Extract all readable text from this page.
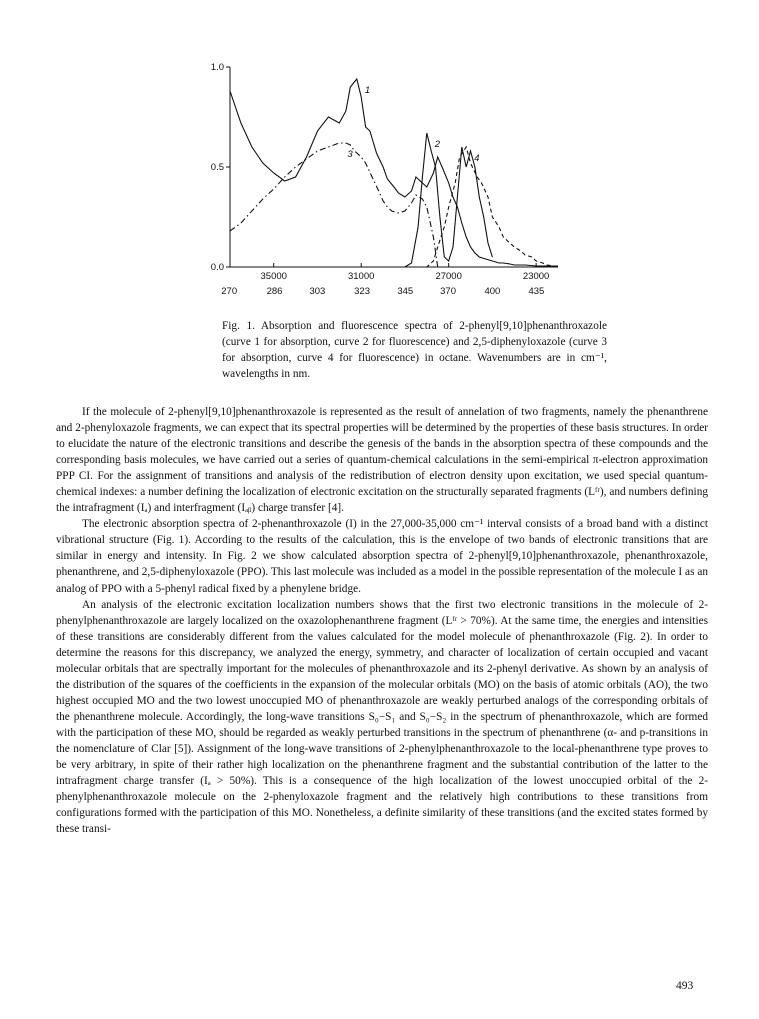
1.0
0.5
0.0
35000	31000	27000	23000
270	286	303	323	345	370	400	435
1
2
3	4

Fig. 1. Absorption and fluorescence spectra of 2-phenyl[9,10]phenanthroxazole (curve 1 for absorption, curve 2 for fluorescence) and 2,5-diphenyloxazole (curve 3 for absorption, curve 4 for fluorescence) in octane. Wavenumbers are in cm⁻¹, wavelengths in nm.

If the molecule of 2-phenyl[9,10]phenanthroxazole is represented as the result of annelation of two fragments, namely the phenanthrene and 2-phenyloxazole fragments, we can expect that its spectral properties will be determined by the properties of these basis structures. In order to elucidate the nature of the electronic transitions and describe the genesis of the bands in the absorption spectra of these compounds and the corresponding basis molecules, we have carried out a series of quantum-chemical calculations in the semi-empirical π-electron approximation PPP CI. For the assignment of transitions and analysis of the redistribution of electron density upon excitation, we used special quantum-chemical indexes: a number defining the localization of electronic excitation on the structurally separated fragments (Lᶠʳ), and numbers defining the intrafragment (Iₐ) and interfragment (Iₐᵦ) charge transfer [4].

The electronic absorption spectra of 2-phenanthroxazole (I) in the 27,000-35,000 cm⁻¹ interval consists of a broad band with a distinct vibrational structure (Fig. 1). According to the results of the calculation, this is the envelope of two bands of electronic transitions that are similar in energy and intensity. In Fig. 2 we show calculated absorption spectra of 2-phenyl[9,10]phenanthroxazole, phenanthroxazole, phenanthrene, and 2,5-diphenyloxazole (PPO). This last molecule was included as a model in the possible representation of the molecule I as an analog of PPO with a 5-phenyl radical fixed by a phenylene bridge.

An analysis of the electronic excitation localization numbers shows that the first two electronic transitions in the molecule of 2-phenylphenanthroxazole are largely localized on the oxazolophenanthrene fragment (Lᶠʳ > 70%). At the same time, the energies and intensities of these transitions are considerably different from the values calculated for the model molecule of phenanthroxazole (Fig. 2). In order to determine the reasons for this discrepancy, we analyzed the energy, symmetry, and character of localization of certain occupied and vacant molecular orbitals that are spectrally important for the molecules of phenanthroxazole and its 2-phenyl derivative. As shown by an analysis of the distribution of the squares of the coefficients in the expansion of the molecular orbitals (MO) on the basis of atomic orbitals (AO), the two highest occupied MO and the two lowest unoccupied MO of phenanthroxazole are weakly perturbed analogs of the corresponding orbitals of the phenanthrene molecule. Accordingly, the long-wave transitions S₀−S₁ and S₀−S₂ in the spectrum of phenanthroxazole, which are formed with the participation of these MO, should be regarded as weakly perturbed transitions in the spectrum of phenanthrene (α- and p-transitions in the nomenclature of Clar [5]). Assignment of the long-wave transitions of 2-phenylphenanthroxazole to the local-phenanthrene type proves to be very arbitrary, in spite of their rather high localization on the phenanthrene fragment and the substantial contribution of the latter to the intrafragment charge transfer (Iₐ > 50%). This is a consequence of the high localization of the lowest unoccupied orbital of the 2-phenylphenanthroxazole molecule on the 2-phenyloxazole fragment and the relatively high contributions to these transitions from configurations formed with the participation of this MO. Nonetheless, a definite similarity of these transitions (and the excited states formed by these transi-

493
